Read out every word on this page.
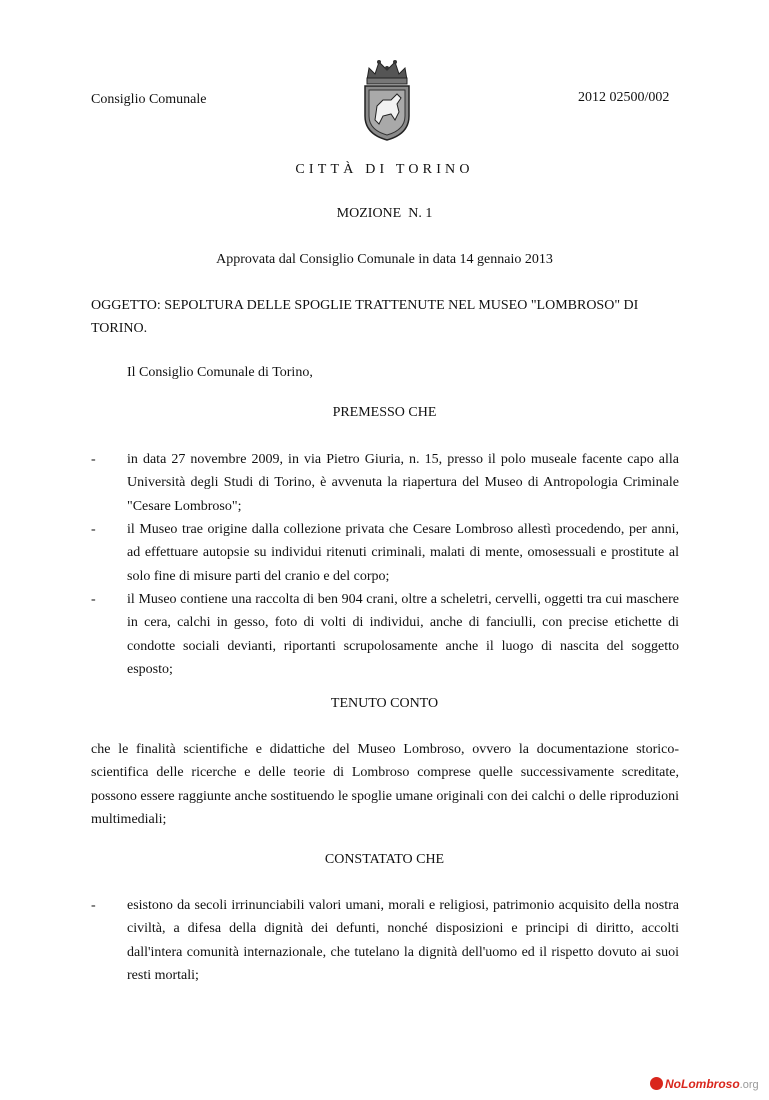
Consiglio Comunale	2012 02500/002
CITTÀ DI TORINO
MOZIONE  N. 1
Approvata dal Consiglio Comunale in data 14 gennaio 2013
OGGETTO: SEPOLTURA DELLE SPOGLIE TRATTENUTE NEL MUSEO "LOMBROSO" DI TORINO.
Il Consiglio Comunale di Torino,
PREMESSO CHE
- in data 27 novembre 2009, in via Pietro Giuria, n. 15, presso il polo museale facente capo alla Università degli Studi di Torino, è avvenuta la riapertura del Museo di Antropologia Criminale "Cesare Lombroso";
- il Museo trae origine dalla collezione privata che Cesare Lombroso allestì procedendo, per anni, ad effettuare autopsie su individui ritenuti criminali, malati di mente, omosessuali e prostitute al solo fine di misure parti del cranio e del corpo;
- il Museo contiene una raccolta di ben 904 crani, oltre a scheletri, cervelli, oggetti tra cui maschere in cera, calchi in gesso, foto di volti di individui, anche di fanciulli, con precise etichette di condotte sociali devianti, riportanti scrupolosamente anche il luogo di nascita del soggetto esposto;
TENUTO CONTO
che le finalità scientifiche e didattiche del Museo Lombroso, ovvero la documentazione storico-scientifica delle ricerche e delle teorie di Lombroso comprese quelle successivamente screditate, possono essere raggiunte anche sostituendo le spoglie umane originali con dei calchi o delle riproduzioni multimediali;
CONSTATATO CHE
- esistono da secoli irrinunciabili valori umani, morali e religiosi, patrimonio acquisito della nostra civiltà, a difesa della dignità dei defunti, nonché disposizioni e principi di diritto, accolti dall'intera comunità internazionale, che tutelano la dignità dell'uomo ed il rispetto dovuto ai suoi resti mortali;
NoLombroso.org
